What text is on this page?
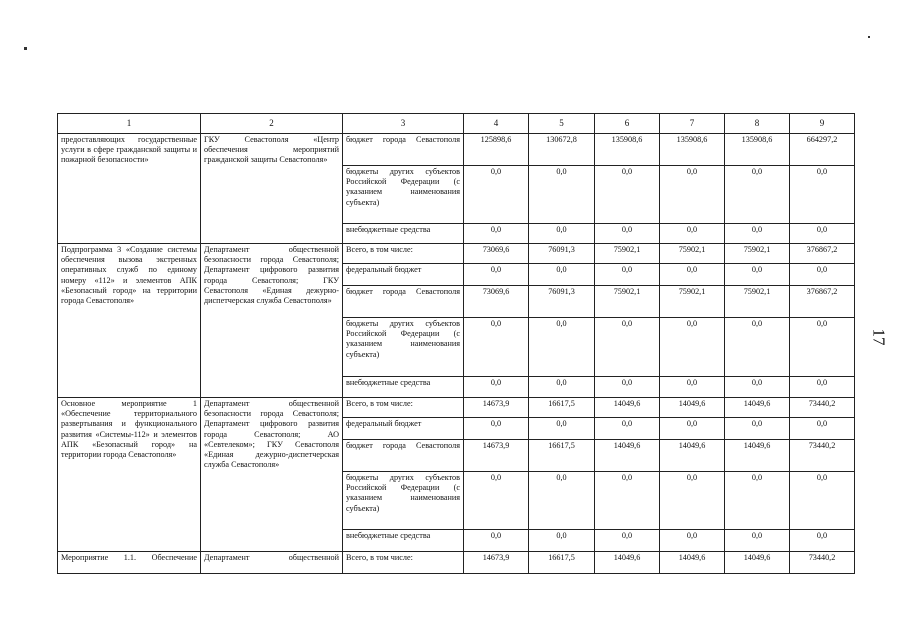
1	2	3	4	5	6	7	8	9
предоставляющих государственные услуги в сфере гражданской защиты и пожарной безопасности»	ГКУ Севастополя «Центр обеспечения мероприятий гражданской защиты Севастополя»	бюджет города Севастополя	125898,6	130672,8	135908,6	135908,6	135908,6	664297,2
		бюджеты других субъектов Российской Федерации (с указанием наименования субъекта)	0,0	0,0	0,0	0,0	0,0	0,0
		внебюджетные средства	0,0	0,0	0,0	0,0	0,0	0,0
Подпрограмма 3 «Создание системы обеспечения вызова экстренных оперативных служб по единому номеру «112» и элементов АПК «Безопасный город» на территории города Севастополя»	Департамент общественной безопасности города Севастополя; Департамент цифрового развития города Севастополя; ГКУ Севастополя «Единая дежурно-диспетчерская служба Севастополя»	Всего, в том числе:	73069,6	76091,3	75902,1	75902,1	75902,1	376867,2
		федеральный бюджет	0,0	0,0	0,0	0,0	0,0	0,0
		бюджет города Севастополя	73069,6	76091,3	75902,1	75902,1	75902,1	376867,2
		бюджеты других субъектов Российской Федерации (с указанием наименования субъекта)	0,0	0,0	0,0	0,0	0,0	0,0
		внебюджетные средства	0,0	0,0	0,0	0,0	0,0	0,0
Основное мероприятие 1 «Обеспечение территориального развертывания и функционального развития «Системы-112» и элементов АПК «Безопасный город» на территории города Севастополя»	Департамент общественной безопасности города Севастополя; Департамент цифрового развития города Севастополя; АО «Севтелеком»; ГКУ Севастополя «Единая дежурно-диспетчерская служба Севастополя»	Всего, в том числе:	14673,9	16617,5	14049,6	14049,6	14049,6	73440,2
		федеральный бюджет	0,0	0,0	0,0	0,0	0,0	0,0
		бюджет города Севастополя	14673,9	16617,5	14049,6	14049,6	14049,6	73440,2
		бюджеты других субъектов Российской Федерации (с указанием наименования субъекта)	0,0	0,0	0,0	0,0	0,0	0,0
		внебюджетные средства	0,0	0,0	0,0	0,0	0,0	0,0
Мероприятие 1.1. Обеспечение	Департамент общественной	Всего, в том числе:	14673,9	16617,5	14049,6	14049,6	14049,6	73440,2
17
